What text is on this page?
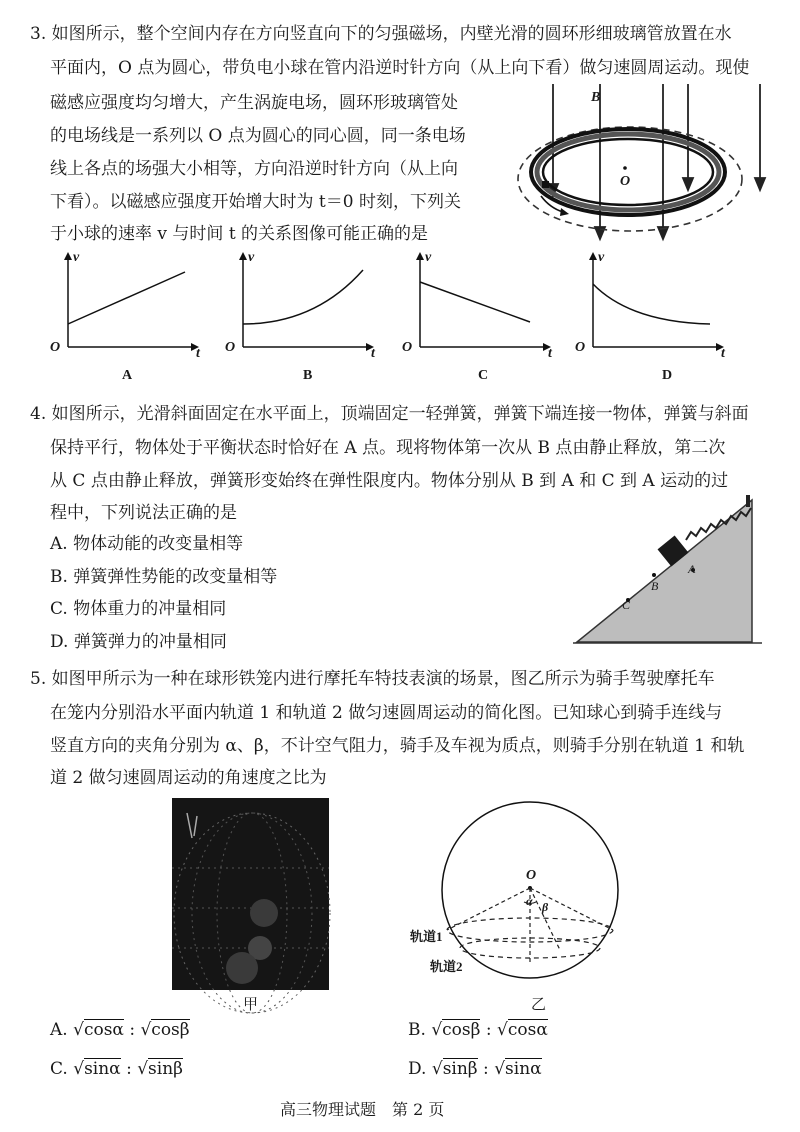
3. 如图所示，整个空间内存在方向竖直向下的匀强磁场，内壁光滑的圆环形细玻璃管放置在水
平面内，O 点为圆心，带负电小球在管内沿逆时针方向（从上向下看）做匀速圆周运动。现使
磁感应强度均匀增大，产生涡旋电场，圆环形玻璃管处
的电场线是一系列以 O 点为圆心的同心圆，同一条电场
线上各点的场强大小相等，方向沿逆时针方向（从上向
下看）。以磁感应强度开始增大时为 t＝0 时刻，下列关
于小球的速率 v 与时间 t 的关系图像可能正确的是
B
O
v
O	t
A
v
O	t
B
v
O	t
C
v
O	t
D
4. 如图所示，光滑斜面固定在水平面上，顶端固定一轻弹簧，弹簧下端连接一物体，弹簧与斜面
保持平行，物体处于平衡状态时恰好在 A 点。现将物体第一次从 B 点由静止释放，第二次
从 C 点由静止释放，弹簧形变始终在弹性限度内。物体分别从 B 到 A 和 C 到 A 运动的过
程中，下列说法正确的是
A. 物体动能的改变量相等
B. 弹簧弹性势能的改变量相等
C. 物体重力的冲量相同
D. 弹簧弹力的冲量相同
A
B
C
5. 如图甲所示为一种在球形铁笼内进行摩托车特技表演的场景，图乙所示为骑手驾驶摩托车
在笼内分别沿水平面内轨道 1 和轨道 2 做匀速圆周运动的简化图。已知球心到骑手连线与
竖直方向的夹角分别为 α、β，不计空气阻力，骑手及车视为质点，则骑手分别在轨道 1 和轨
道 2 做匀速圆周运动的角速度之比为
甲
O
α β
轨道1
轨道2
乙
A. √cosα : √cosβ	B. √cosβ : √cosα
C. √sinα : √sinβ	D. √sinβ : √sinα
高三物理试题　第 2 页
